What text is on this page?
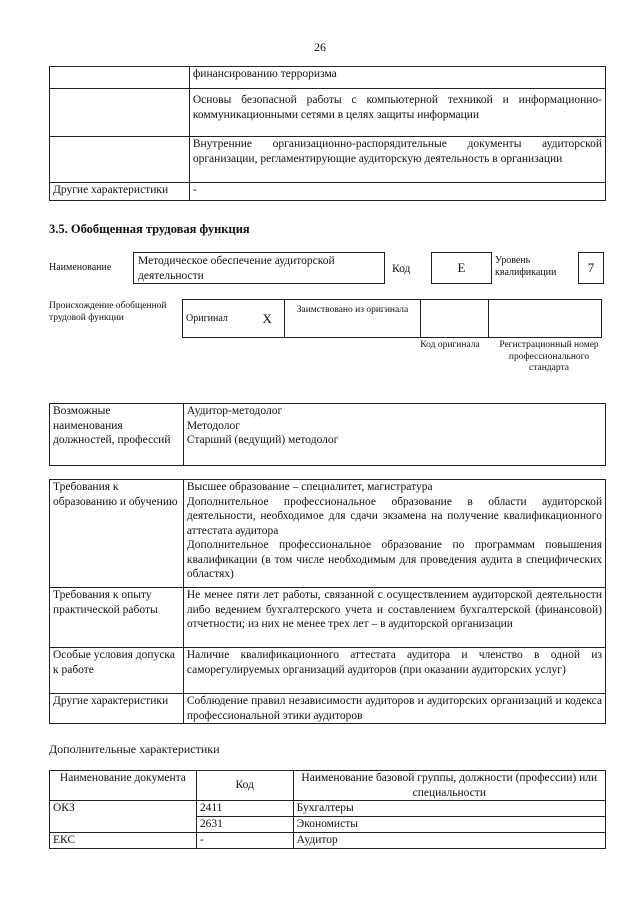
26
	финансированию терроризма
	Основы безопасной работы с компьютерной техникой и информационно-коммуникационными сетями в целях защиты информации
	Внутренние организационно-распорядительные документы аудиторской организации, регламентирующие аудиторскую деятельность в организации
Другие характеристики	-
3.5. Обобщенная трудовая функция
Наименование
Методическое обеспечение аудиторской деятельности
Код	E	Уровень квалификации	7
Происхождение обобщенной трудовой функции	Оригинал	X	Заимствовано из оригинала		
Код оригинала	Регистрационный номер профессионального стандарта
Возможные наименования должностей, профессий	
Аудитор-методолог
Методолог
Старший (ведущий) методолог
Требования к образованию и обучению	Высшее образование – специалитет, магистратура
Дополнительное профессиональное образование в области аудиторской деятельности, необходимое для сдачи экзамена на получение квалификационного аттестата аудитора
Дополнительное профессиональное образование по программам повышения квалификации (в том числе необходимым для проведения аудита в специфических областях)

Требования к опыту практической работы	Не менее пяти лет работы, связанной с осуществлением аудиторской деятельности либо ведением бухгалтерского учета и составлением бухгалтерской (финансовой) отчетности; из них не менее трех лет – в аудиторской организации
Особые условия допуска к работе	Наличие квалификационного аттестата аудитора и членство в одной из саморегулируемых организаций аудиторов (при оказании аудиторских услуг)
Другие характеристики	Соблюдение правил независимости аудиторов и аудиторских организаций и кодекса профессиональной этики аудиторов
Дополнительные характеристики
Наименование документа	Код	Наименование базовой группы, должности (профессии) или специальности
ОКЗ	2411	Бухгалтеры
	2631	Экономисты
ЕКС	-	Аудитор
